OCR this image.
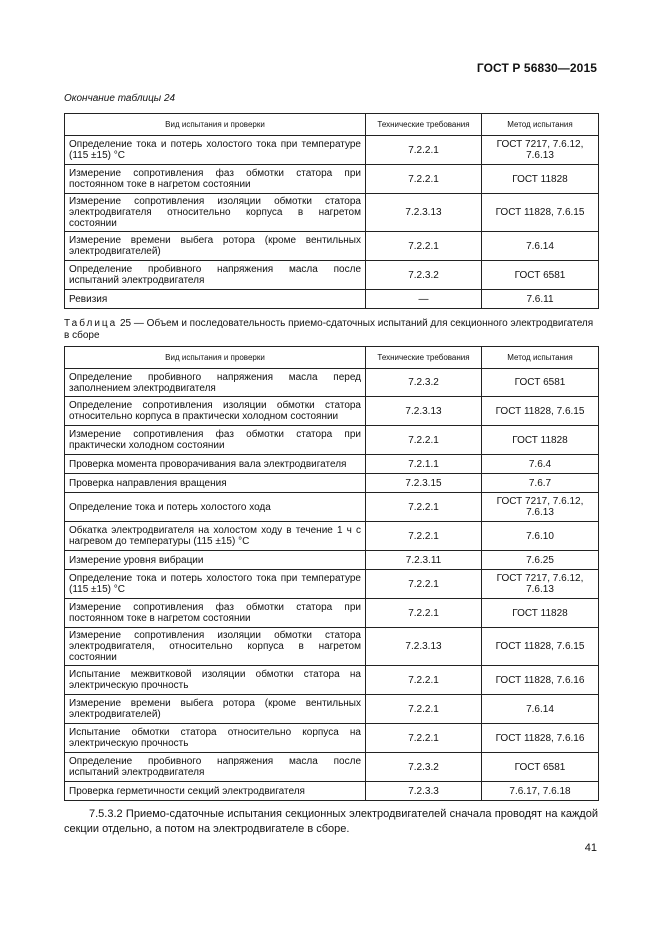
ГОСТ Р 56830—2015
Окончание таблицы 24
Вид испытания и проверки	Технические требования	Метод испытания
Определение тока и потерь холостого тока при температуре (115 ±15) °С	7.2.2.1	ГОСТ 7217, 7.6.12, 7.6.13
Измерение сопротивления фаз обмотки статора при постоянном токе в нагретом состоянии	7.2.2.1	ГОСТ 11828
Измерение сопротивления изоляции обмотки статора электродвигателя относительно корпуса в нагретом состоянии	7.2.3.13	ГОСТ 11828, 7.6.15
Измерение времени выбега ротора (кроме вентильных электродвигателей)	7.2.2.1	7.6.14
Определение пробивного напряжения масла после испытаний электродвигателя	7.2.3.2	ГОСТ 6581
Ревизия	—	7.6.11
Таблица 25 — Объем и последовательность приемо-сдаточных испытаний для секционного электродвигателя в сборе
Вид испытания и проверки	Технические требования	Метод испытания
Определение пробивного напряжения масла перед заполнением электродвигателя	7.2.3.2	ГОСТ 6581
Определение сопротивления изоляции обмотки статора относительно корпуса в практически холодном состоянии	7.2.3.13	ГОСТ 11828, 7.6.15
Измерение сопротивления фаз обмотки статора при практически холодном состоянии	7.2.2.1	ГОСТ 11828
Проверка момента проворачивания вала электродвигателя	7.2.1.1	7.6.4
Проверка направления вращения	7.2.3.15	7.6.7
Определение тока и потерь холостого хода	7.2.2.1	ГОСТ 7217, 7.6.12, 7.6.13
Обкатка электродвигателя на холостом ходу в течение 1 ч с нагревом до температуры (115 ±15) °С	7.2.2.1	7.6.10
Измерение уровня вибрации	7.2.3.11	7.6.25
Определение тока и потерь холостого тока при температуре (115 ±15) °С	7.2.2.1	ГОСТ 7217, 7.6.12, 7.6.13
Измерение сопротивления фаз обмотки статора при постоянном токе в нагретом состоянии	7.2.2.1	ГОСТ 11828
Измерение сопротивления изоляции обмотки статора электродвигателя, относительно корпуса в нагретом состоянии	7.2.3.13	ГОСТ 11828, 7.6.15
Испытание межвитковой изоляции обмотки статора на электрическую прочность	7.2.2.1	ГОСТ 11828, 7.6.16
Измерение времени выбега ротора (кроме вентильных электродвигателей)	7.2.2.1	7.6.14
Испытание обмотки статора относительно корпуса на электрическую прочность	7.2.2.1	ГОСТ 11828, 7.6.16
Определение пробивного напряжения масла после испытаний электродвигателя	7.2.3.2	ГОСТ 6581
Проверка герметичности секций электродвигателя	7.2.3.3	7.6.17, 7.6.18
7.5.3.2 Приемо-сдаточные испытания секционных электродвигателей сначала проводят на каждой секции отдельно, а потом на электродвигателе в сборе.
41
